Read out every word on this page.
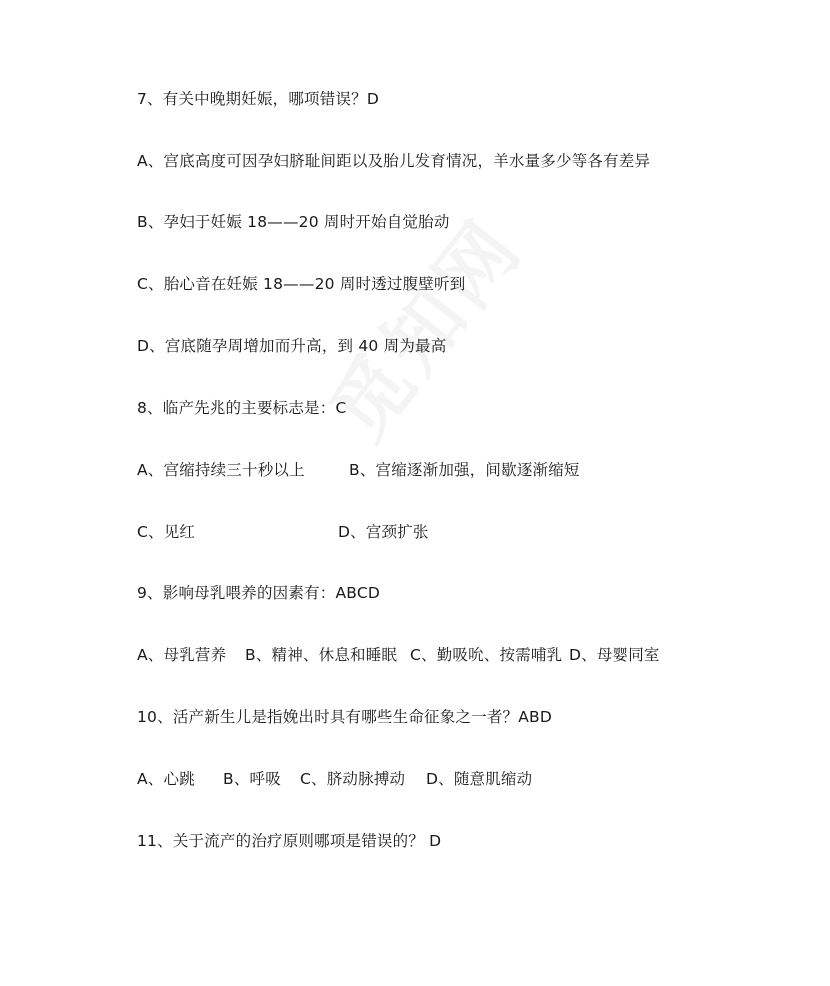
7、有关中晚期妊娠，哪项错误？D
A、宫底高度可因孕妇脐耻间距以及胎儿发育情况，羊水量多少等各有差异
B、孕妇于妊娠 18——20 周时开始自觉胎动
C、胎心音在妊娠 18——20 周时透过腹壁听到
D、宫底随孕周增加而升高，到 40 周为最高
8、临产先兆的主要标志是：C
A、宫缩持续三十秒以上	B、宫缩逐渐加强，间歇逐渐缩短
C、见红	D、宫颈扩张
9、影响母乳喂养的因素有：ABCD
A、母乳营养 B、精神、休息和睡眠 C、勤吸吮、按需哺乳 D、母婴同室
10、活产新生儿是指娩出时具有哪些生命征象之一者？ABD
A、心跳 B、呼吸 C、脐动脉搏动 D、随意肌缩动
11、关于流产的治疗原则哪项是错误的？ D
